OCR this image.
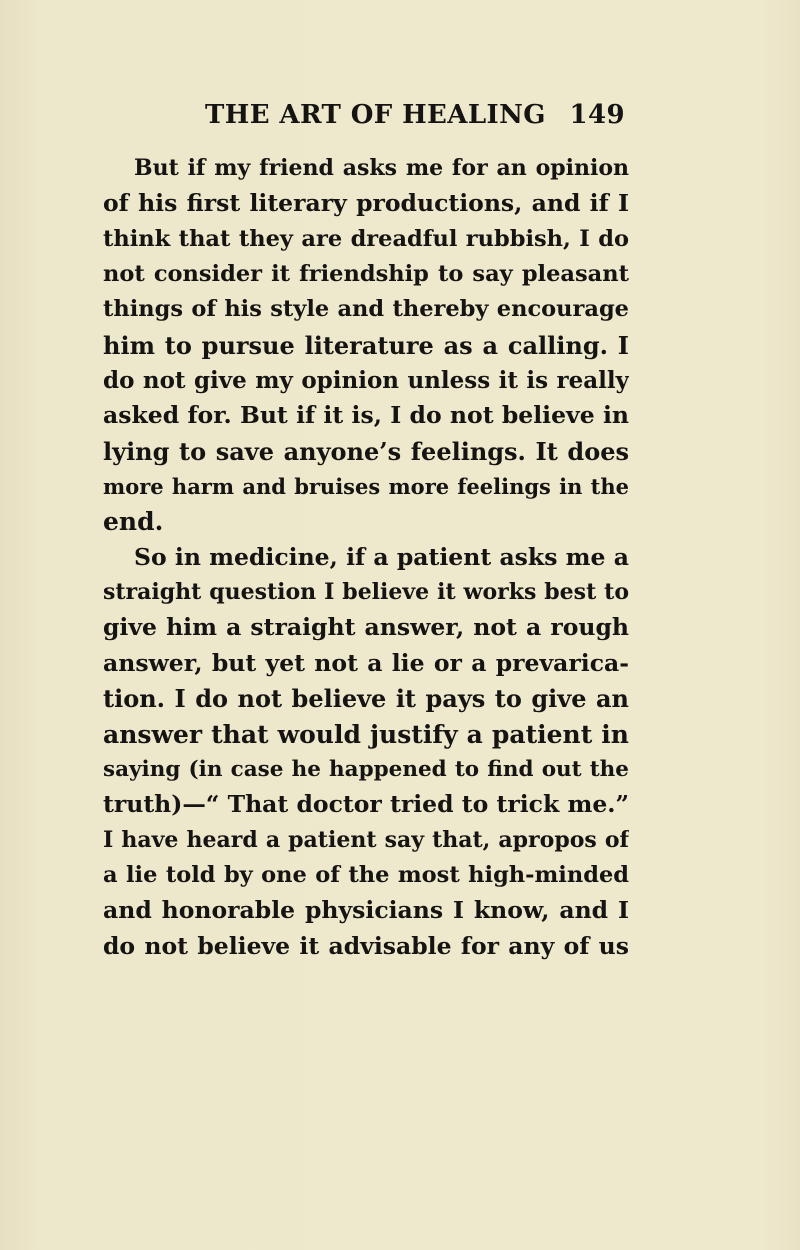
THE ART OF HEALING 149
But if my friend asks me for an opinion
of his first literary productions, and if I
think that they are dreadful rubbish, I do
not consider it friendship to say pleasant
things of his style and thereby encourage
him to pursue literature as a calling. I
do not give my opinion unless it is really
asked for. But if it is, I do not believe in
lying to save anyone’s feelings. It does
more harm and bruises more feelings in the
end.
So in medicine, if a patient asks me a
straight question I believe it works best to
give him a straight answer, not a rough
answer, but yet not a lie or a prevarica-
tion. I do not believe it pays to give an
answer that would justify a patient in
saying (in case he happened to find out the
truth)—“ That doctor tried to trick me.”
I have heard a patient say that, apropos of
a lie told by one of the most high-minded
and honorable physicians I know, and I
do not believe it advisable for any of us
